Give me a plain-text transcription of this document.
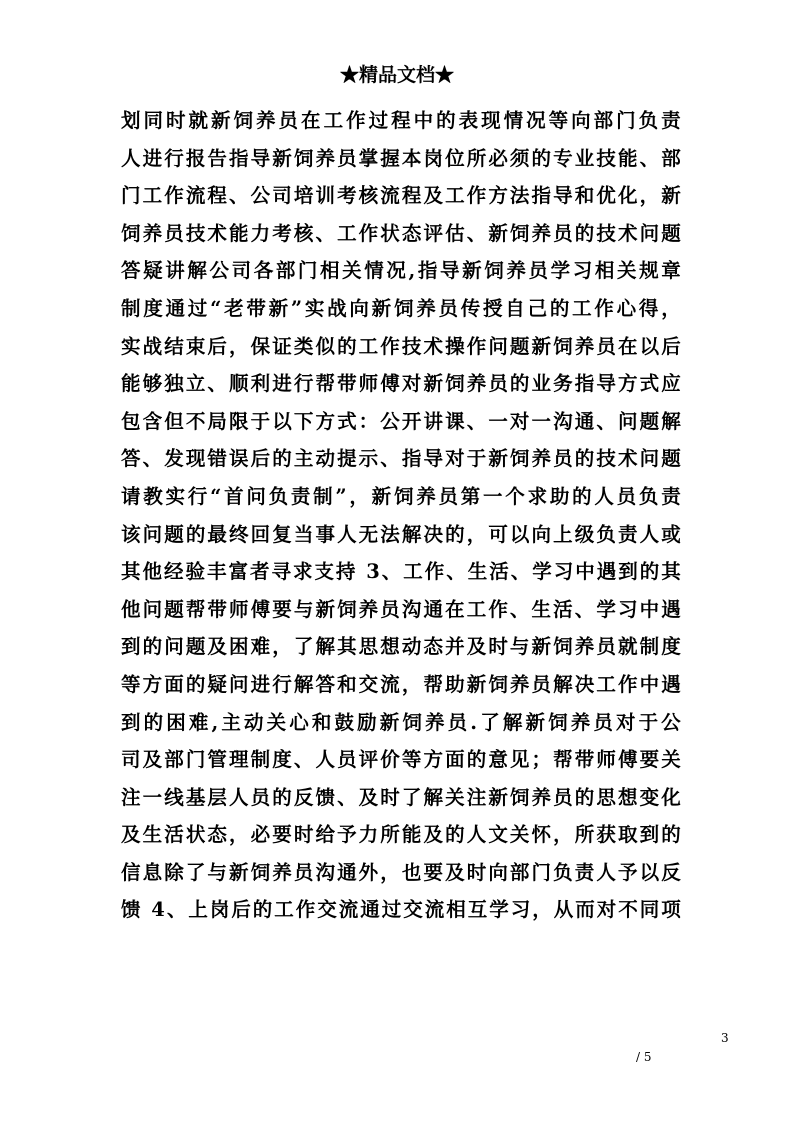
★精品文档★
划同时就新饲养员在工作过程中的表现情况等向部门负责
人进行报告指导新饲养员掌握本岗位所必须的专业技能、部
门工作流程、公司培训考核流程及工作方法指导和优化，新
饲养员技术能力考核、工作状态评估、新饲养员的技术问题
答疑讲解公司各部门相关情况,指导新饲养员学习相关规章
制度通过“老带新”实战向新饲养员传授自己的工作心得，
实战结束后，保证类似的工作技术操作问题新饲养员在以后
能够独立、顺利进行帮带师傅对新饲养员的业务指导方式应
包含但不局限于以下方式：公开讲课、一对一沟通、问题解
答、发现错误后的主动提示、指导对于新饲养员的技术问题
请教实行“首问负责制”，新饲养员第一个求助的人员负责
该问题的最终回复当事人无法解决的，可以向上级负责人或
其他经验丰富者寻求支持 3、工作、生活、学习中遇到的其
他问题帮带师傅要与新饲养员沟通在工作、生活、学习中遇
到的问题及困难，了解其思想动态并及时与新饲养员就制度
等方面的疑问进行解答和交流，帮助新饲养员解决工作中遇
到的困难,主动关心和鼓励新饲养员.了解新饲养员对于公
司及部门管理制度、人员评价等方面的意见；帮带师傅要关
注一线基层人员的反馈、及时了解关注新饲养员的思想变化
及生活状态，必要时给予力所能及的人文关怀，所获取到的
信息除了与新饲养员沟通外，也要及时向部门负责人予以反
馈 4、上岗后的工作交流通过交流相互学习，从而对不同项
3
/ 5
